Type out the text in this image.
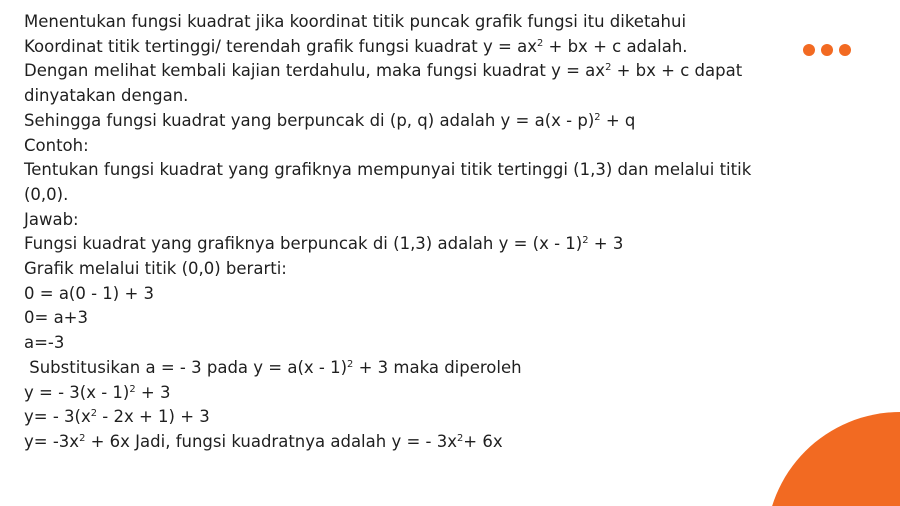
Menentukan fungsi kuadrat jika koordinat titik puncak grafik fungsi itu diketahui
Koordinat titik tertinggi/ terendah grafik fungsi kuadrat $y = ax^2$ + bx + c adalah.
Dengan melihat kembali kajian terdahulu, maka fungsi kuadrat $y = ax^2$ + bx + c dapat
dinyatakan dengan.
Sehingga fungsi kuadrat yang berpuncak di (p, q) adalah y = a(x - p)$^2$ + q
Contoh:
Tentukan fungsi kuadrat yang grafiknya mempunyai titik tertinggi (1,3) dan melalui titik
(0,0).
Jawab:
Fungsi kuadrat yang grafiknya berpuncak di (1,3) adalah y = (x - 1)$^2$ + 3
Grafik melalui titik (0,0) berarti:
0 = a(0 - 1) + 3
0= a+3
a=-3
Substitusikan a = - 3 pada y = a(x - 1)$^2$ + 3 maka diperoleh
y = - 3(x - 1)$^2$ + 3
$y= - 3(x^2 - 2x + 1) + 3$
$y= -3x^2 + 6x$ Jadi, fungsi kuadratnya adalah y = - $3x^2+ 6x$
